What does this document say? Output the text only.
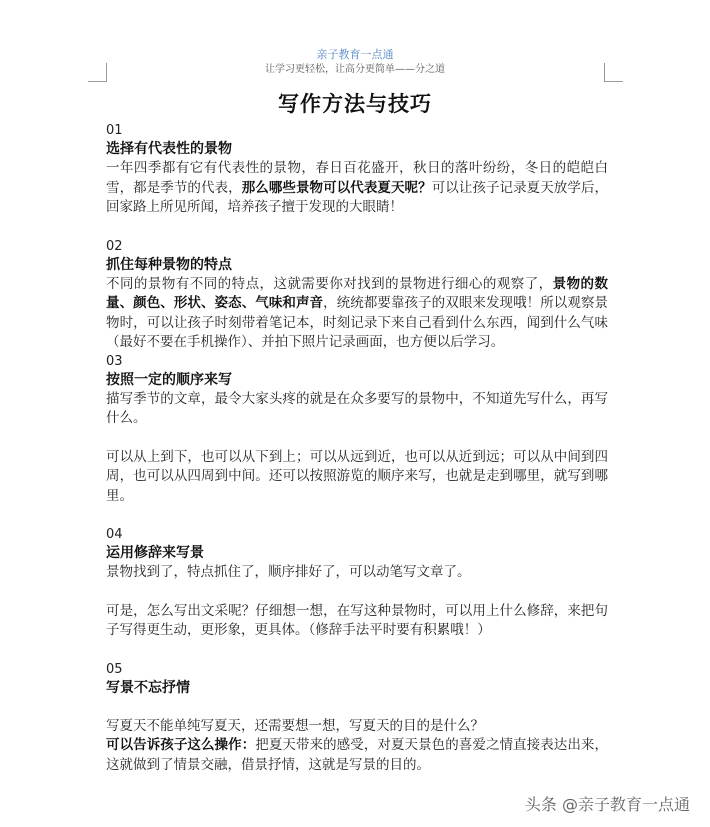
亲子教育一点通
让学习更轻松，让高分更简单——分之道
写作方法与技巧
01
选择有代表性的景物

一年四季都有它有代表性的景物，春日百花盛开，秋日的落叶纷纷，冬日的皑皑白雪，都是季节的代表，那么哪些景物可以代表夏天呢？可以让孩子记录夏天放学后，回家路上所见所闻，培养孩子擅于发现的大眼睛！

02
抓住每种景物的特点

不同的景物有不同的特点，这就需要你对找到的景物进行细心的观察了，景物的数量、颜色、形状、姿态、气味和声音，统统都要靠孩子的双眼来发现哦！所以观察景物时，可以让孩子时刻带着笔记本，时刻记录下来自己看到什么东西，闻到什么气味（最好不要在手机操作）、并拍下照片记录画面，也方便以后学习。

03
按照一定的顺序来写

描写季节的文章，最令大家头疼的就是在众多要写的景物中，不知道先写什么，再写什么。

可以从上到下，也可以从下到上；可以从远到近，也可以从近到远；可以从中间到四周，也可以从四周到中间。还可以按照游览的顺序来写，也就是走到哪里，就写到哪里。

04
运用修辞来写景

景物找到了，特点抓住了，顺序排好了，可以动笔写文章了。

可是，怎么写出文采呢？仔细想一想，在写这种景物时，可以用上什么修辞，来把句子写得更生动，更形象，更具体。（修辞手法平时要有积累哦！）

05
写景不忘抒情

写夏天不能单纯写夏天，还需要想一想，写夏天的目的是什么？

可以告诉孩子这么操作：把夏天带来的感受，对夏天景色的喜爱之情直接表达出来，这就做到了情景交融，借景抒情，这就是写景的目的。

头条 @亲子教育一点通
